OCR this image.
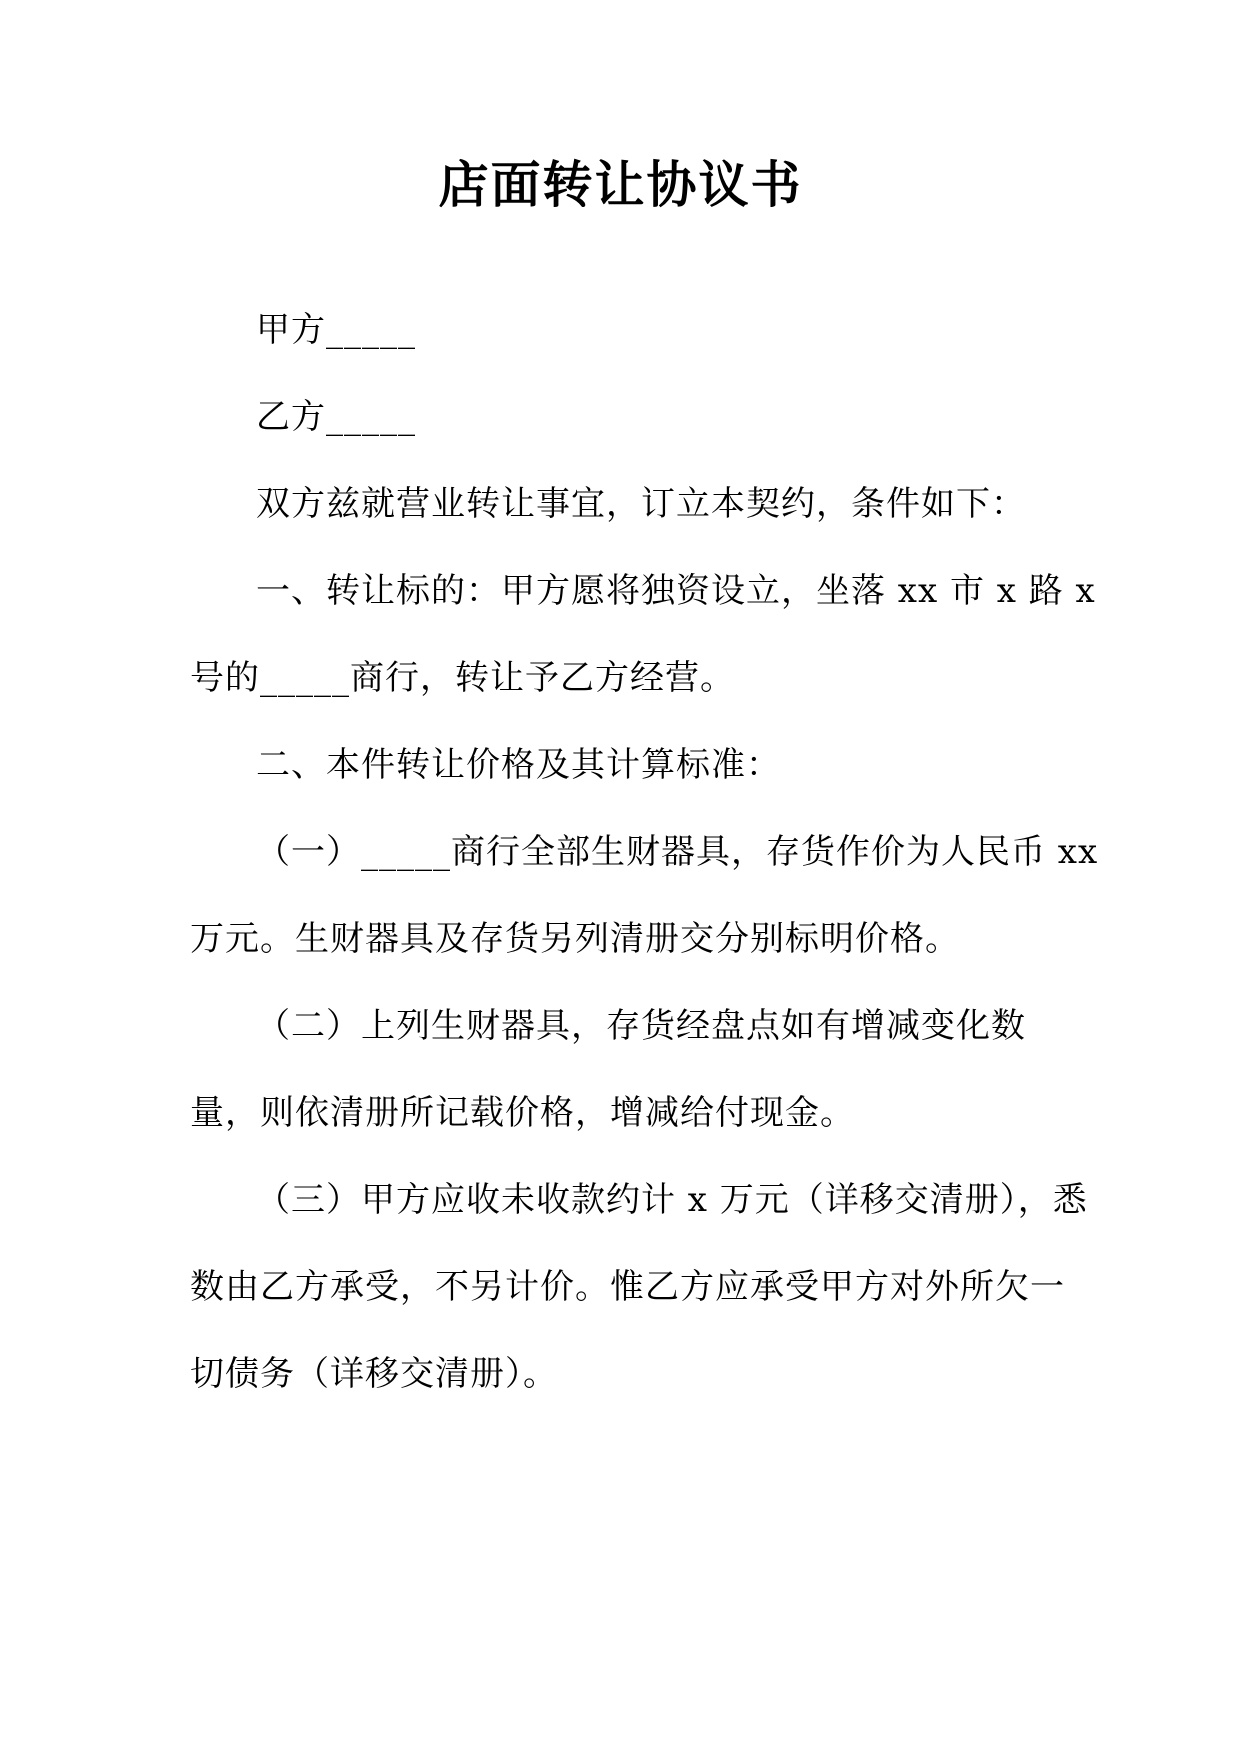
店面转让协议书
甲方_____
乙方_____
双方兹就营业转让事宜，订立本契约，条件如下：
一、转让标的：甲方愿将独资设立，坐落 xx 市 x 路 x
号的_____商行，转让予乙方经营。
二、本件转让价格及其计算标准：
（一）_____商行全部生财器具，存货作价为人民币 xx
万元。生财器具及存货另列清册交分别标明价格。
（二）上列生财器具，存货经盘点如有增减变化数
量，则依清册所记载价格，增减给付现金。
（三）甲方应收未收款约计 x 万元（详移交清册），悉
数由乙方承受，不另计价。惟乙方应承受甲方对外所欠一
切债务（详移交清册）。
